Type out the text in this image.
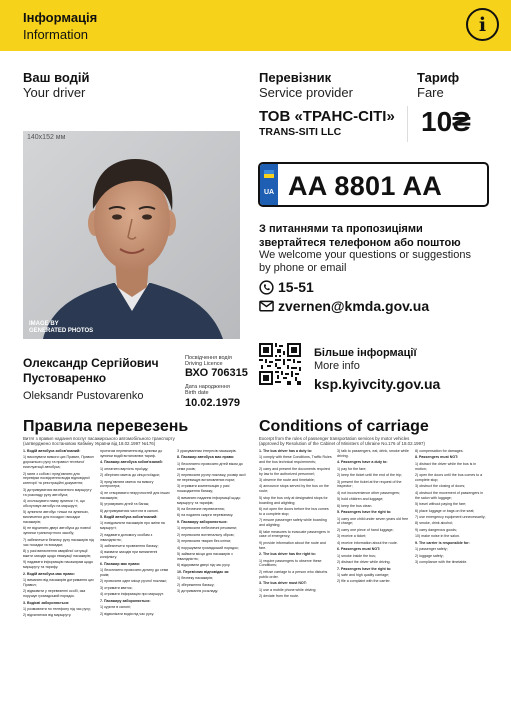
Інформація
Information	i
Ваш водій
Your driver
140x152 мм
IMAGE BY
GENERATED PHOTOS
Олександр Сергійович
Пустоваренко
Oleksandr Pustovarenko
Посвідчення водія
Driving Licence
ВХО 706315
Дата народження
Birth date
10.02.1979
Перевізник
Service provider
Тариф
Fare
ТОВ «ТРАНС-СІТІ»
TRANS-SITI LLC	10₴
UA AA 8801 AA
З питаннями та пропозиціями
звертайтеся телефоном або поштою
We welcome your questions or suggestions
by phone or email
15-51
zvernen@kmda.gov.ua
Більше інформації
More info
ksp.kyivcity.gov.ua
Правила перевезень
Витяг з правил надання послуг пасажирського автомобільного транспорту
(затверджено постановою Кабміну України від 18.02.1997 №176)

1. Водій автобуса зобов'язаний:

1) виконувати вимоги цих Правил, Правил дорожнього руху та правил технічної експлуатації автобуса;

2) мати з собою і пред'являти для перевірки посвідчення водія відповідної категорії та реєстраційні документи;

3) дотримуватися визначеного маршруту та розкладу руху автобуса;

4) оголошувати назву зупинки і ті, що обслуговує автобус на маршруті;

5) зупиняти автобус тільки на зупинках, визначених для посадки і висадки пасажирів;

6) не відчиняти двері автобуса до повної зупинки транспортного засобу;

7) забезпечити безпеку руху пасажирів під час посадки та висадки;

8) у разі виникнення аварійної ситуації вжити заходів щодо евакуації пасажирів;

9) надавати інформацію пасажирам щодо маршруту та тарифу.

2. Водій автобуса має право:

1) вимагати від пасажирів дотримання цих Правил;

2) відмовити у перевезенні особі, яка порушує громадський порядок.

3. Водієві забороняється:

1) розмовляти по телефону під час руху;

2) відхилятися від маршруту.

протягом перевезення від зупинки до зупинки водій встановлює тариф.

4. Пасажир автобуса зобов'язаний:

1) оплатити вартість проїзду;

2) зберігати квиток до кінця поїздки;

3) пред'являти квиток на вимогу контролера;

4) не створювати незручностей для інших пасажирів;

5) утримувати дітей та багаж;

6) дотримуватися чистоти в салоні.

5. Водій автобуса зобов'язаний:

1) повідомляти пасажирів про зміни на маршруті;

2) надавати допомогу особам з інвалідністю;

3) забезпечити провезення багажу;

4) вживати заходів при виникненні конфлікту.

6. Пасажир має право:

1) безоплатно провозити дитину до семи років;

2) провозити одне місце ручної поклажі;

3) отримати квиток;

4) отримати інформацію про маршрут.

7. Пасажиру забороняється:

1) курити в салоні;

2) відволікати водія під час руху.

З урахуванням інтересів пасажирів.

8. Пасажир автобуса має право:

1) безоплатно провозити дітей віком до семи років;

2) перевозити ручну поклажу, розмір якої не перевищує встановлених норм;

3) отримати компенсацію у разі пошкодження багажу;

4) вимагати надання інформації щодо маршруту та тарифів;

5) на безпечне перевезення;

6) на подання скарги перевізнику.

9. Пасажиру забороняється:

1) перевозити небезпечні речовини;

2) перевозити вогнепальну зброю;

3) перевозити тварин без клітки;

4) порушувати громадський порядок;

5) займати місця для пасажирів з інвалідністю;

6) відкривати двері під час руху.

10. Перевізник відповідає за:

1) безпеку пасажирів;

2) збереження багажу;

3) дотримання розкладу.

Conditions of carriage
Excerpt from the rules of passenger transportation services by motor vehicles
(approved by Resolution of the Cabinet of Ministers of Ukraine No.176 of 18.02.1997)

1. The bus driver has a duty to:

1) comply with these Conditions, Traffic Rules and the bus technical requirements;

2) carry and present the documents required by law to the authorized personnel;

3) observe the route and timetable;

4) announce stops served by the bus on the route;

5) stop the bus only at designated stops for boarding and alighting;

6) not open the doors before the bus comes to a complete stop;

7) ensure passenger safety while boarding and alighting;

8) take measures to evacuate passengers in case of emergency;

9) provide information about the route and fare.

2. The bus driver has the right to:

1) require passengers to observe these Conditions;

2) refuse carriage to a person who disturbs public order.

3. The bus driver must NOT:

1) use a mobile phone while driving;

2) deviate from the route.

3) talk to passengers, eat, drink, smoke while driving.

4. Passengers have a duty to:

1) pay for the fare;

2) keep the ticket until the end of the trip;

3) present the ticket at the request of the inspector;

4) not inconvenience other passengers;

5) hold children and luggage;

6) keep the bus clean.

5. Passengers have the right to:

1) carry one child under seven years old free of charge;

2) carry one piece of hand luggage;

3) receive a ticket;

4) receive information about the route.

6. Passengers must NOT:

1) smoke inside the bus;

2) distract the driver while driving.

7. Passengers have the right to:

1) safe and high quality carriage;

2) file a complaint with the carrier.

8) compensation for damages.

8. Passengers must NOT:

1) distract the driver while the bus is in motion;

2) open the doors until the bus comes to a complete stop;

3) obstruct the closing of doors;

4) obstruct the movement of passengers in the salon with luggage;

5) travel without paying the fare;

6) place luggage or bags on the seat;

7) use emergency equipment unnecessarily;

8) smoke, drink alcohol;

9) carry dangerous goods;

10) make noise in the salon.

9. The carrier is responsible for:

1) passenger safety;

2) luggage safety;

3) compliance with the timetable.
